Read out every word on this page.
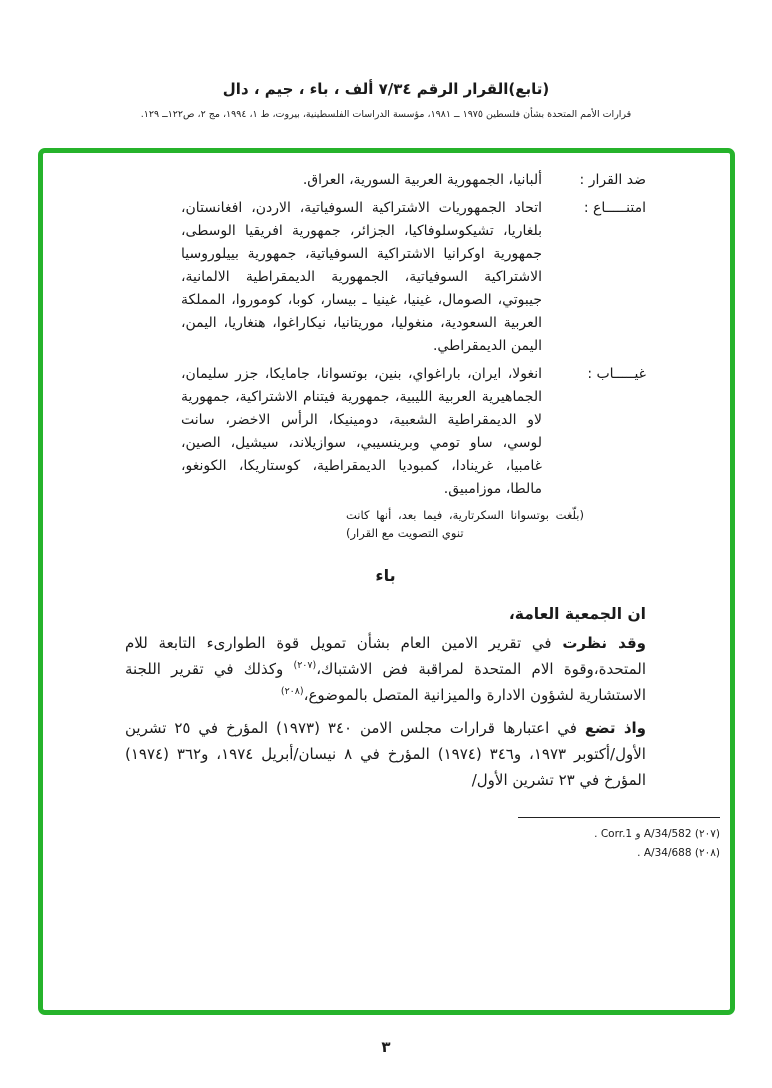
(تابع)القرار الرقم ٧/٣٤ ألف ، باء ، جيم ، دال
قرارات الأمم المتحدة بشأن فلسطين ١٩٧٥ ــ ١٩٨١، مؤسسة الدراسات الفلسطينية، بيروت، ط ١، ١٩٩٤، مج ٢، ص١٢٢ــ ١٢٩.
ضد القرار :
ألبانيا، الجمهورية العربية السورية، العراق.
امتنـــــاع :
اتحاد الجمهوريات الاشتراكية السوفياتية، الاردن، افغانستان، بلغاريا، تشيكوسلوفاكيا، الجزائر، جمهورية افريقيا الوسطى، جمهورية اوكرانيا الاشتراكية السوفياتية، جمهورية بييلوروسيا الاشتراكية السوفياتية، الجمهورية الديمقراطية الالمانية، جيبوتي، الصومال، غينيا، غينيا ـ بيسار، كوبا، كوموروا، المملكة العربية السعودية، منغوليا، موريتانيا، نيكاراغوا، هنغاريا، اليمن، اليمن الديمقراطي.
غيـــــاب :
انغولا، ايران، باراغواي، بنين، بوتسوانا، جامايكا، جزر سليمان، الجماهيرية العربية الليبية، جمهورية فيتنام الاشتراكية، جمهورية لاو الديمقراطية الشعبية، دومينيكا، الرأس الاخضر، سانت لوسي، ساو تومي وبرينسيبي، سوازيلاند، سيشيل، الصين، غامبيا، غرينادا، كمبوديا الديمقراطية، كوستاريكا، الكونغو، مالطا، موزامبيق.
(بلّغت بوتسوانا السكرتارية، فيما بعد، أنها كانت تنوي التصويت مع القرار)
باء
ان الجمعية العامة،

وقد نظرت في تقرير الامين العام بشأن تمويل قوة الطوارىء التابعة للام المتحدة،وقوة الام المتحدة لمراقبة فض الاشتباك،$^{(٢٠٧)}$ وكذلك في تقرير اللجنة الاستشارية لشؤون الادارة والميزانية المتصل بالموضوع،$^{(٢٠٨)}$

واذ تضع في اعتبارها قرارات مجلس الامن ٣٤٠ (١٩٧٣) المؤرخ في ٢٥ تشرين الأول/أكتوبر ١٩٧٣، و٣٤٦ (١٩٧٤) المؤرخ في ٨ نيسان/أبريل ١٩٧٤، و٣٦٢ (١٩٧٤) المؤرخ في ٢٣ تشرين الأول/

(٢٠٧) A/34/582 و Corr.1 .
(٢٠٨) A/34/688 .
٣
